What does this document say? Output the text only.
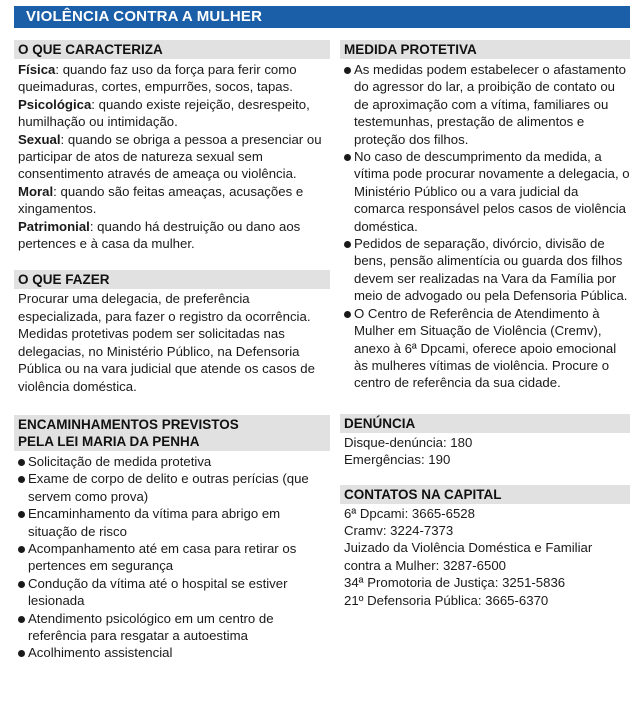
VIOLÊNCIA CONTRA A MULHER
O QUE CARACTERIZA

Física: quando faz uso da força para ferir como queimaduras, cortes, empurrões, socos, tapas.

Psicológica: quando existe rejeição, desrespeito, humilhação ou intimidação.

Sexual: quando se obriga a pessoa a presenciar ou participar de atos de natureza sexual sem consentimento através de ameaça ou violência.

Moral: quando são feitas ameaças, acusações e xingamentos.

Patrimonial: quando há destruição ou dano aos pertences e à casa da mulher.

O QUE FAZER

Procurar uma delegacia, de preferência especializada, para fazer o registro da ocorrência. Medidas protetivas podem ser solicitadas nas delegacias, no Ministério Público, na Defensoria Pública ou na vara judicial que atende os casos de violência doméstica.

ENCAMINHAMENTOS PREVISTOS
PELA LEI MARIA DA PENHA
Solicitação de medida protetiva
Exame de corpo de delito e outras perícias (que servem como prova)
Encaminhamento da vítima para abrigo em situação de risco
Acompanhamento até em casa para retirar os pertences em segurança
Condução da vítima até o hospital se estiver lesionada
Atendimento psicológico em um centro de referência para resgatar a autoestima
Acolhimento assistencial
MEDIDA PROTETIVA
As medidas podem estabelecer o afastamento do agressor do lar, a proibição de contato ou de aproximação com a vítima, familiares ou testemunhas, prestação de alimentos e proteção dos filhos.
No caso de descumprimento da medida, a vítima pode procurar novamente a delegacia, o Ministério Público ou a vara judicial da comarca responsável pelos casos de violência doméstica.
Pedidos de separação, divórcio, divisão de bens, pensão alimentícia ou guarda dos filhos devem ser realizadas na Vara da Família por meio de advogado ou pela Defensoria Pública.
O Centro de Referência de Atendimento à Mulher em Situação de Violência (Cremv), anexo à 6ª Dpcami, oferece apoio emocional às mulheres vítimas de violência. Procure o centro de referência da sua cidade.
DENÚNCIA
Disque-denúncia: 180
Emergências: 190
CONTATOS NA CAPITAL
6ª Dpcami: 3665-6528
Cramv: 3224-7373
Juizado da Violência Doméstica e Familiar contra a Mulher: 3287-6500
34ª Promotoria de Justiça: 3251-5836
21º Defensoria Pública: 3665-6370
